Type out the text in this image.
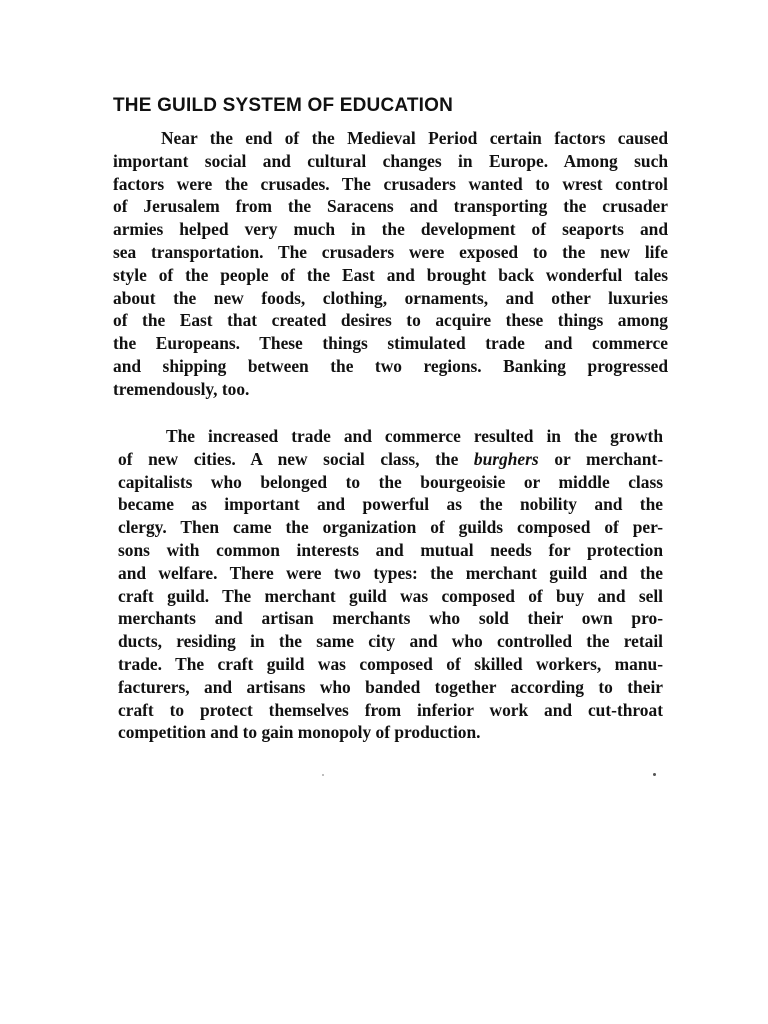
THE GUILD SYSTEM OF EDUCATION
Near the end of the Medieval Period certain factors caused
important social and cultural changes in Europe. Among such
factors were the crusades. The crusaders wanted to wrest control
of Jerusalem from the Saracens and transporting the crusader
armies helped very much in the development of seaports and
sea transportation. The crusaders were exposed to the new life
style of the people of the East and brought back wonderful tales
about the new foods, clothing, ornaments, and other luxuries
of the East that created desires to acquire these things among
the Europeans. These things stimulated trade and commerce
and shipping between the two regions. Banking progressed
tremendously, too.
The increased trade and commerce resulted in the growth
of new cities. A new social class, the burghers or merchant-
capitalists who belonged to the bourgeoisie or middle class
became as important and powerful as the nobility and the
clergy. Then came the organization of guilds composed of per-
sons with common interests and mutual needs for protection
and welfare. There were two types: the merchant guild and the
craft guild. The merchant guild was composed of buy and sell
merchants and artisan merchants who sold their own pro-
ducts, residing in the same city and who controlled the retail
trade. The craft guild was composed of skilled workers, manu-
facturers, and artisans who banded together according to their
craft to protect themselves from inferior work and cut-throat
competition and to gain monopoly of production.
